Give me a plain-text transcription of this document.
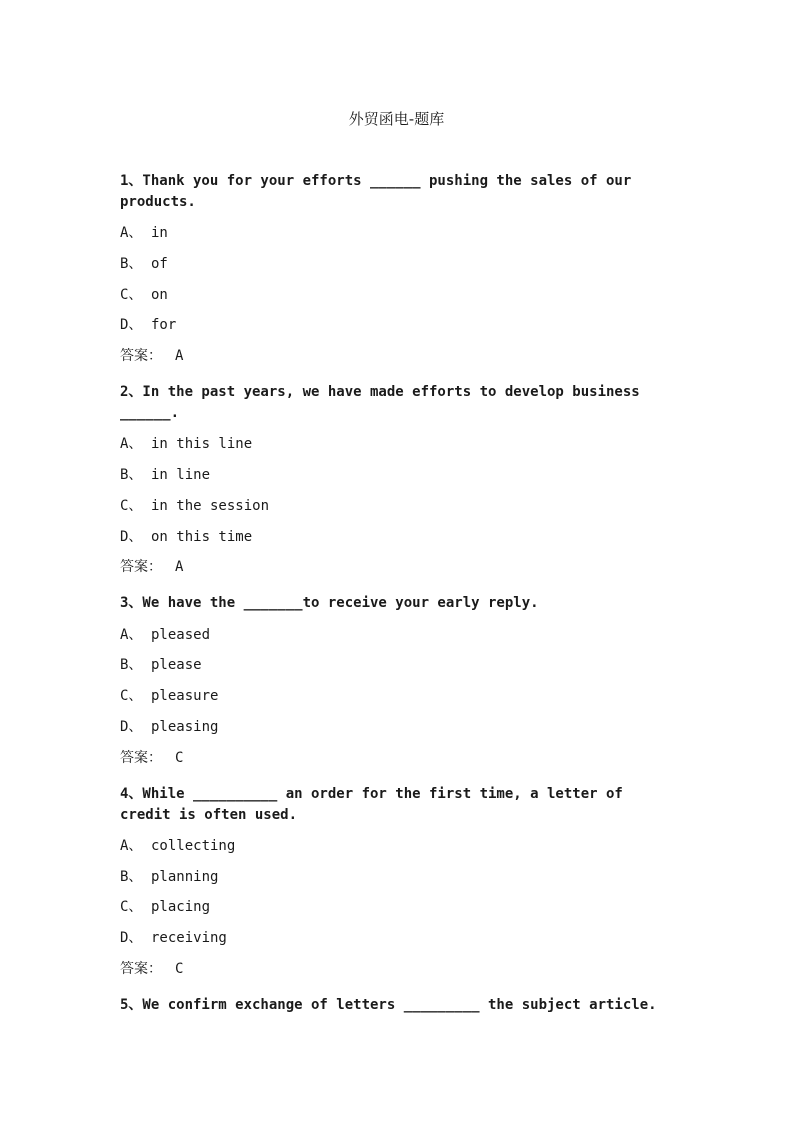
外贸函电-题库
1、Thank you for your efforts ______ pushing the sales of our products.
A、 in
B、 of
C、 on
D、 for
答案： A
2、In the past years, we have made efforts to develop business ______.
A、 in this line
B、 in line
C、 in the session
D、 on this time
答案： A
3、We have the _______to receive your early reply.
A、 pleased
B、 please
C、 pleasure
D、 pleasing
答案： C
4、While __________ an order for the first time, a letter of credit is often used.
A、 collecting
B、 planning
C、 placing
D、 receiving
答案： C
5、We confirm exchange of letters _________ the subject article.
